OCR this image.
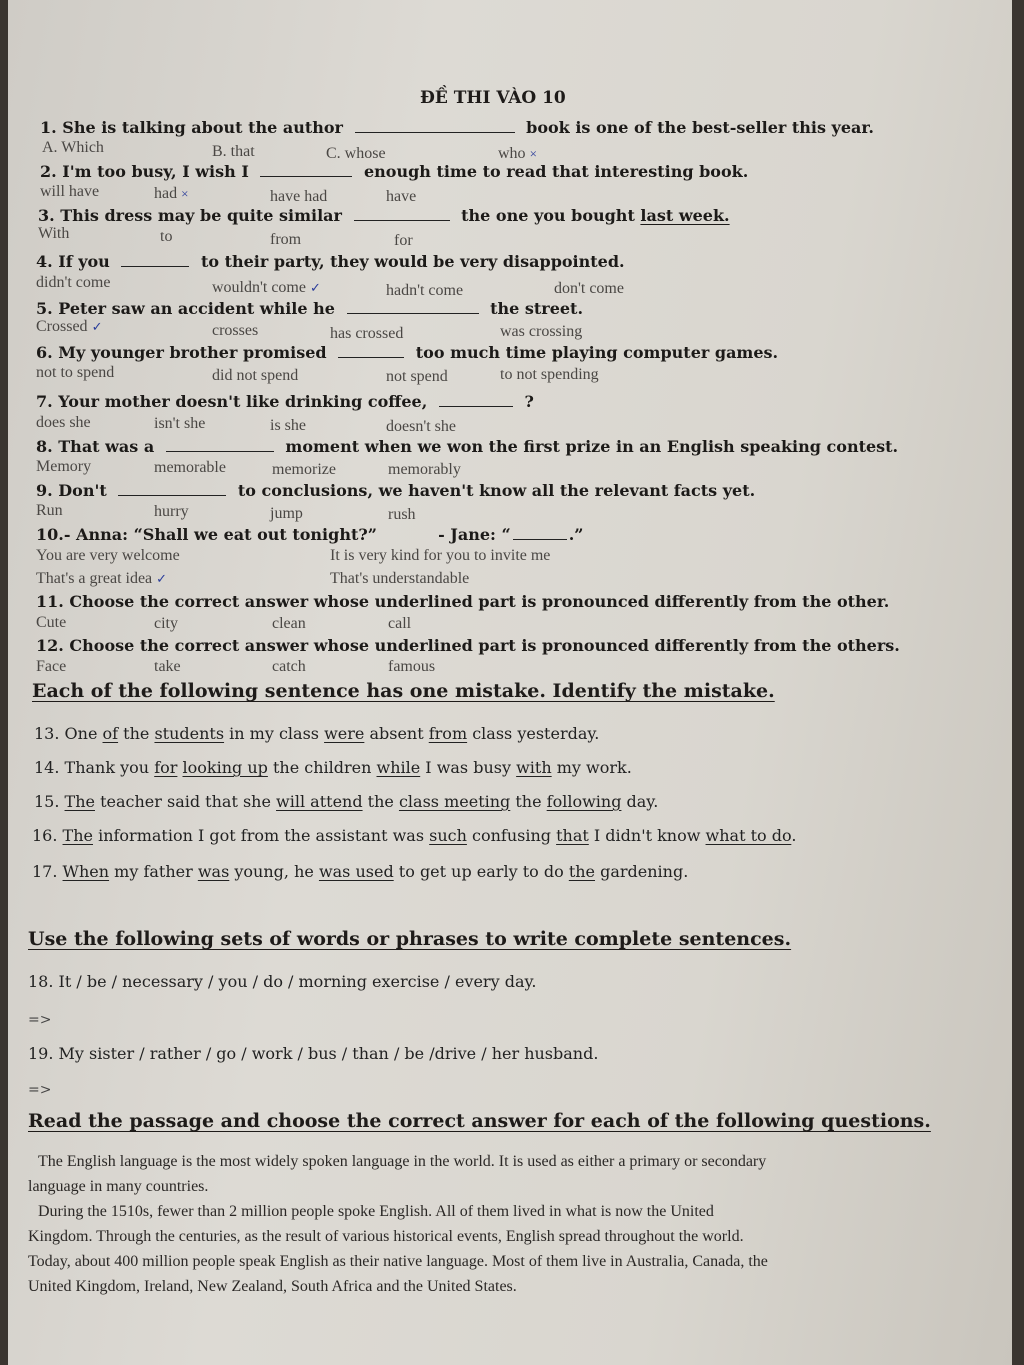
ĐỀ THI VÀO 10
1. She is talking about the author	book is one of the best-seller this year.
A. Which	B. that	C. whose	who ×
2. I'm too busy, I wish I	enough time to read that interesting book.
will have	had ×	have had	have
3. This dress may be quite similar	the one you bought last week.
With	to	from	for
4. If you	to their party, they would be very disappointed.
didn't come	wouldn't come ✓	hadn't come	don't come
5. Peter saw an accident while he	the street.
Crossed ✓	crosses	has crossed	was crossing
6. My younger brother promised	too much time playing computer games.
not to spend	did not spend	not spend	to not spending
7. Your mother doesn't like drinking coffee,	?
does she	isn't she	is she	doesn't she
8. That was a	moment when we won the first prize in an English speaking contest.
Memory	memorable	memorize	memorably
9. Don't	to conclusions, we haven't know all the relevant facts yet.
Run	hurry	jump	rush
10.- Anna: “Shall we eat out tonight?”	- Jane: “	.”
You are very welcome	It is very kind for you to invite me
That's a great idea ✓	That's understandable
11. Choose the correct answer whose underlined part is pronounced differently from the other.
Cute	city	clean	call
12. Choose the correct answer whose underlined part is pronounced differently from the others.
Face	take	catch	famous
Each of the following sentence has one mistake. Identify the mistake.
13. One of the students in my class were absent from class yesterday.
14. Thank you for looking up the children while I was busy with my work.
15. The teacher said that she will attend the class meeting the following day.
16. The information I got from the assistant was such confusing that I didn't know what to do.
17. When my father was young, he was used to get up early to do the gardening.
Use the following sets of words or phrases to write complete sentences.
18. It / be / necessary / you / do / morning exercise / every day.
=>
19. My sister / rather / go / work / bus / than / be /drive / her husband.
=>
Read the passage and choose the correct answer for each of the following questions.
The English language is the most widely spoken language in the world. It is used as either a primary or secondary
language in many countries.
During the 1510s, fewer than 2 million people spoke English. All of them lived in what is now the United
Kingdom. Through the centuries, as the result of various historical events, English spread throughout the world.
Today, about 400 million people speak English as their native language. Most of them live in Australia, Canada, the
United Kingdom, Ireland, New Zealand, South Africa and the United States.
